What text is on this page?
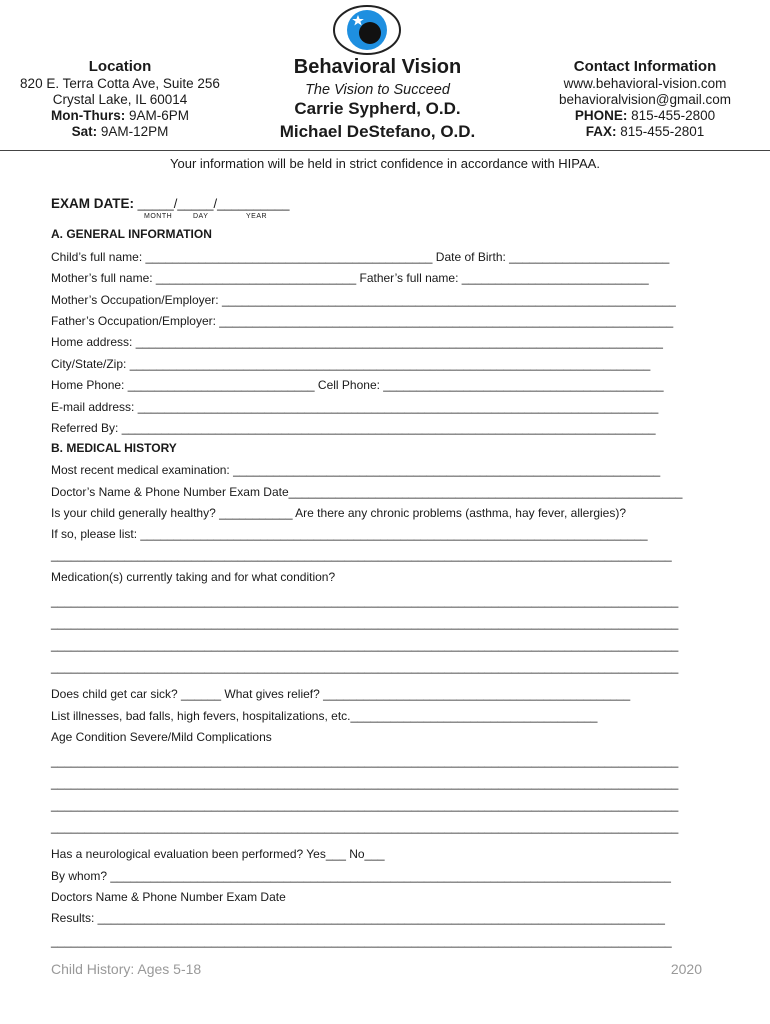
Location
820 E. Terra Cotta Ave, Suite 256
Crystal Lake, IL 60014
Mon-Thurs: 9AM-6PM
Sat: 9AM-12PM
Behavioral Vision
The Vision to Succeed
Carrie Sypherd, O.D.
Michael DeStefano, O.D.
Contact Information
www.behavioral-vision.com
behavioralvision@gmail.com
PHONE: 815-455-2800
FAX: 815-455-2801
Your information will be held in strict confidence in accordance with HIPAA.
EXAM DATE: _____/_____/__________
MONTH	DAY	YEAR
A. GENERAL INFORMATION
Child’s full name: ___________________________________________ Date of Birth: ________________________
Mother’s full name: ______________________________ Father’s full name: ____________________________
Mother’s Occupation/Employer: ____________________________________________________________________
Father’s Occupation/Employer: ____________________________________________________________________
Home address: _______________________________________________________________________________
City/State/Zip: ______________________________________________________________________________
Home Phone: ____________________________ Cell Phone: __________________________________________
E-mail address: ______________________________________________________________________________
Referred By: ________________________________________________________________________________
B. MEDICAL HISTORY
Most recent medical examination: ________________________________________________________________
Doctor’s Name & Phone Number Exam Date___________________________________________________________
Is your child generally healthy? ___________ Are there any chronic problems (asthma, hay fever, allergies)?
If so, please list: ____________________________________________________________________________
_____________________________________________________________________________________________
Medication(s) currently taking and for what condition?
______________________________________________________________________________________________
______________________________________________________________________________________________
______________________________________________________________________________________________
______________________________________________________________________________________________
Does child get car sick? ______ What gives relief? ______________________________________________
List illnesses, bad falls, high fevers, hospitalizations, etc._____________________________________
Age Condition Severe/Mild Complications
______________________________________________________________________________________________
______________________________________________________________________________________________
______________________________________________________________________________________________
______________________________________________________________________________________________
Has a neurological evaluation been performed? Yes___ No___
By whom? ____________________________________________________________________________________
Doctors Name & Phone Number Exam Date
Results: _____________________________________________________________________________________
_____________________________________________________________________________________________
Child History: Ages 5-18	2020
